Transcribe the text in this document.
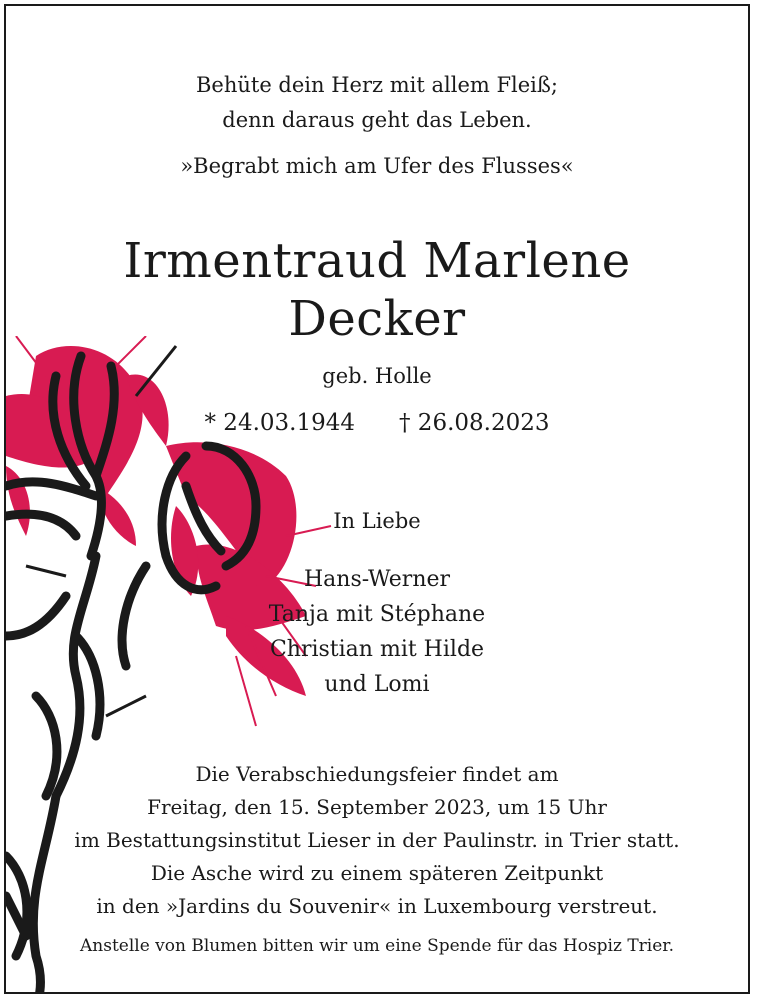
Behüte dein Herz mit allem Fleiß;
denn daraus geht das Leben.
»Begrabt mich am Ufer des Flusses«
Irmentraud Marlene
Decker
geb. Holle
* 24.03.1944 † 26.08.2023
In Liebe
Hans-Werner
Tanja mit Stéphane
Christian mit Hilde
und Lomi
Die Verabschiedungsfeier findet am
Freitag, den 15. September 2023, um 15 Uhr
im Bestattungsinstitut Lieser in der Paulinstr. in Trier statt.
Die Asche wird zu einem späteren Zeitpunkt
in den »Jardins du Souvenir« in Luxembourg verstreut.
Anstelle von Blumen bitten wir um eine Spende für das Hospiz Trier.
